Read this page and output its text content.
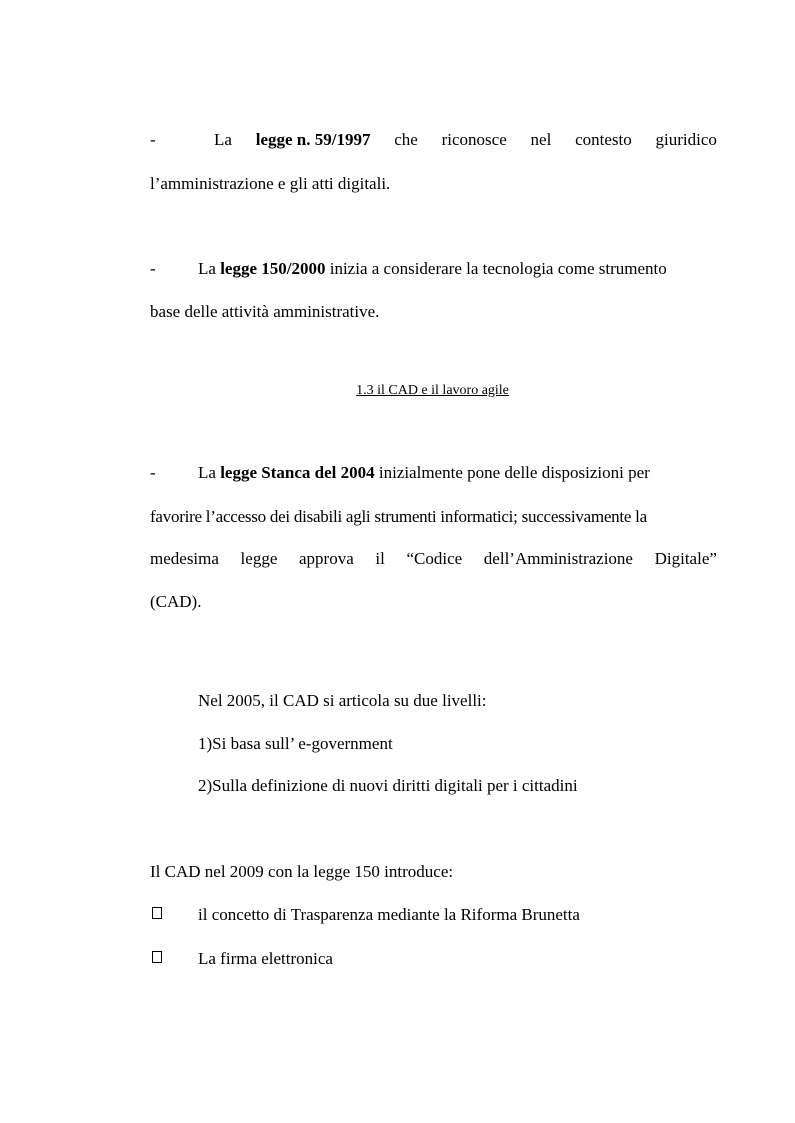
-	La legge n. 59/1997 che riconosce nel contesto giuridico
l’amministrazione e gli atti digitali.
- La legge 150/2000 inizia a considerare la tecnologia come strumento
base delle attività amministrative.
1.3 il CAD e il lavoro agile
- La legge Stanca del 2004 inizialmente pone delle disposizioni per
favorire l’accesso dei disabili agli strumenti informatici; successivamente la
medesima legge approva il “Codice dell’Amministrazione Digitale”
(CAD).
Nel 2005, il CAD si articola su due livelli:
1)Si basa sull’ e-government
2)Sulla definizione di nuovi diritti digitali per i cittadini
Il CAD nel 2009 con la legge 150 introduce:
il concetto di Trasparenza mediante la Riforma Brunetta
La firma elettronica
